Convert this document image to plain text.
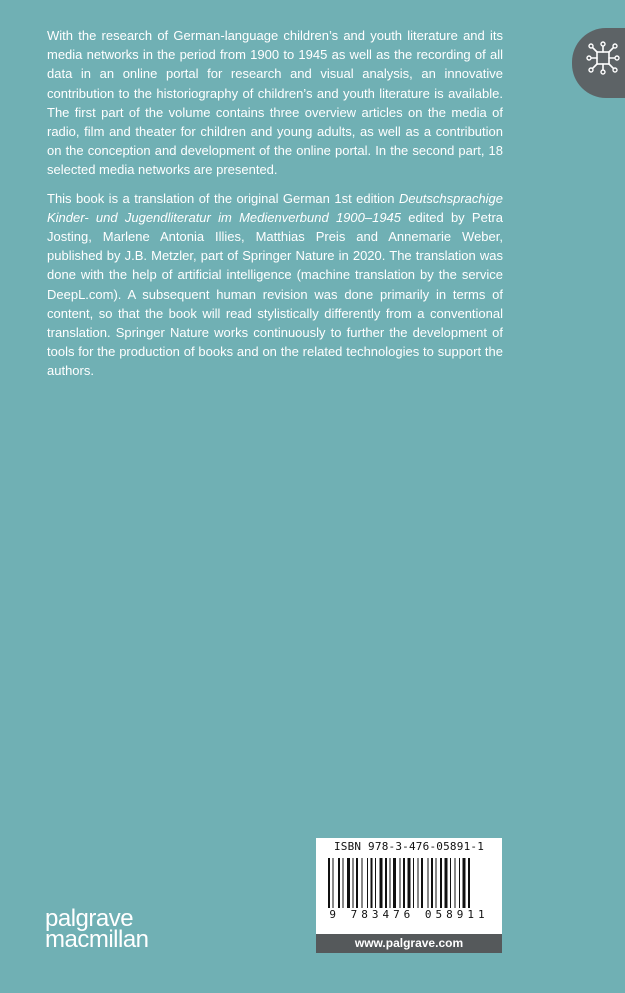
With the research of German-language children’s and youth literature and its media networks in the period from 1900 to 1945 as well as the recording of all data in an online portal for research and visual analysis, an innovative contribution to the historiography of children’s and youth literature is available. The first part of the volume contains three overview articles on the media of radio, film and theater for children and young adults, as well as a contribution on the conception and development of the online portal. In the second part, 18 selected media networks are presented.

This book is a translation of the original German 1st edition Deutschsprachige Kinder- und Jugendliteratur im Medienverbund 1900–1945 edited by Petra Josting, Marlene Antonia Illies, Matthias Preis and Annemarie Weber, published by J.B. Metzler, part of Springer Nature in 2020. The translation was done with the help of artificial intelligence (machine translation by the service DeepL.com). A subsequent human revision was done primarily in terms of content, so that the book will read stylistically differently from a conventional translation. Springer Nature works continuously to further the development of tools for the production of books and on the related technologies to support the authors.

ISBN 978-3-476-05891-1
9 783476 058911
www.palgrave.com
palgrave
macmillan
